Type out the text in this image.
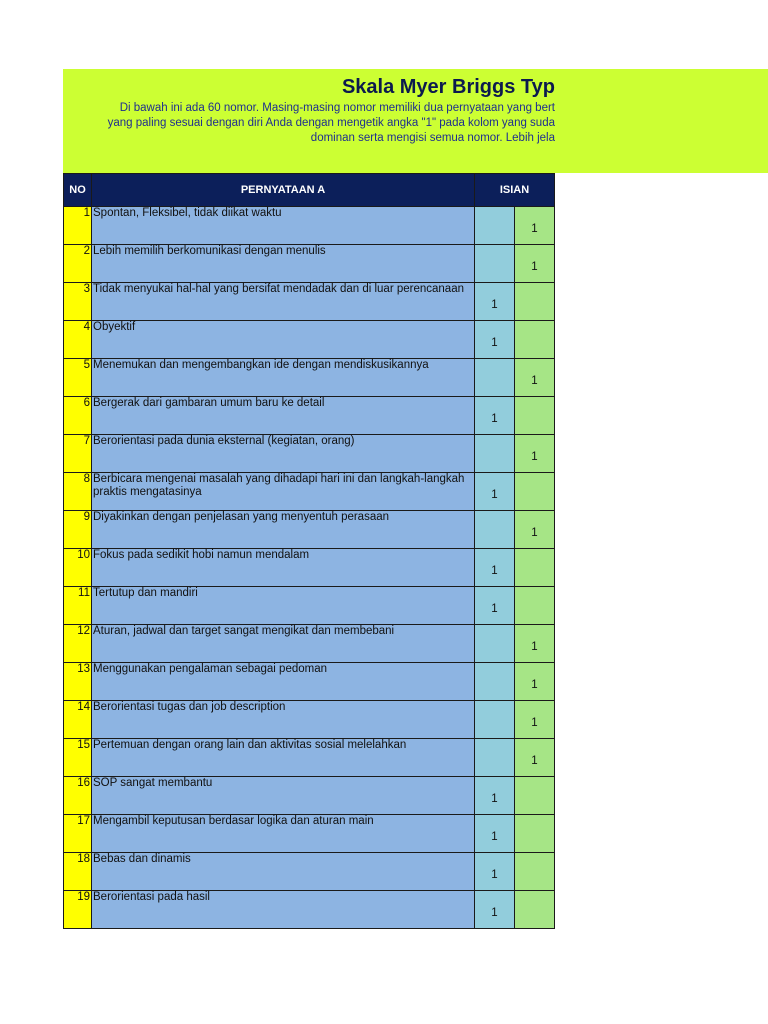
Skala Myer Briggs Typ
Di bawah ini ada 60 nomor. Masing-masing nomor memiliki dua pernyataan yang bert
yang paling sesuai dengan diri Anda dengan mengetik angka "1" pada kolom yang suda
dominan serta mengisi semua nomor. Lebih jela
NO	PERNYATAAN A	ISIAN	
1	Spontan, Fleksibel, tidak diikat waktu		1
2	Lebih memilih berkomunikasi dengan menulis		1
3	Tidak menyukai hal-hal yang bersifat mendadak dan di luar perencanaan	1	
4	Obyektif	1	
5	Menemukan dan mengembangkan ide dengan mendiskusikannya		1
6	Bergerak dari gambaran umum baru ke detail	1	
7	Berorientasi pada dunia eksternal (kegiatan, orang)		1
8	Berbicara mengenai masalah yang dihadapi hari ini dan langkah-langkah praktis mengatasinya	1	
9	Diyakinkan dengan penjelasan yang menyentuh perasaan		1
10	Fokus pada sedikit hobi namun mendalam	1	
11	Tertutup dan mandiri	1	
12	Aturan, jadwal dan target sangat mengikat dan membebani		1
13	Menggunakan pengalaman sebagai pedoman		1
14	Berorientasi tugas dan job description		1
15	Pertemuan dengan orang lain dan aktivitas sosial melelahkan		1
16	SOP sangat membantu	1	
17	Mengambil keputusan berdasar logika dan aturan main	1	
18	Bebas dan dinamis	1	
19	Berorientasi pada hasil	1	
